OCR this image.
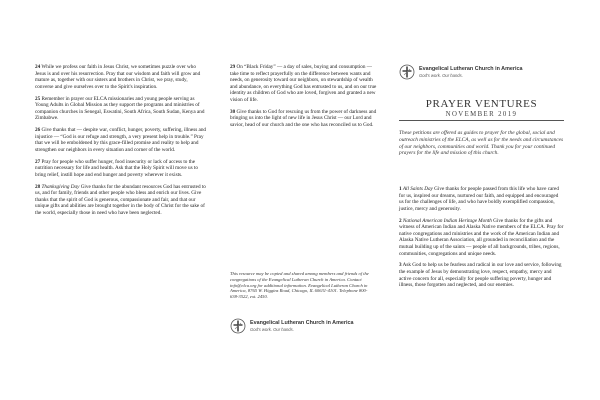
24 While we profess our faith in Jesus Christ, we sometimes puzzle over who Jesus is and over his resurrection. Pray that our wisdom and faith will grow and mature as, together with our sisters and brothers in Christ, we pray, study, converse and give ourselves over to the Spirit's inspiration.

25 Remember in prayer our ELCA missionaries and young people serving as Young Adults in Global Mission as they support the programs and ministries of companion churches in Senegal, Eswatini, South Africa, South Sudan, Kenya and Zimbabwe.

26 Give thanks that — despite war, conflict, hunger, poverty, suffering, illness and injustice — “God is our refuge and strength, a very present help in trouble.” Pray that we will be emboldened by this grace-filled promise and reality to help and strengthen our neighbors in every situation and corner of the world.

27 Pray for people who suffer hunger, food insecurity or lack of access to the nutrition necessary for life and health. Ask that the Holy Spirit will move us to bring relief, instill hope and end hunger and poverty wherever it exists.

28 Thanksgiving Day Give thanks for the abundant resources God has entrusted to us, and for family, friends and other people who bless and enrich our lives. Give thanks that the spirit of God is generous, compassionate and fair, and that our unique gifts and abilities are brought together in the body of Christ for the sake of the world, especially those in need who have been neglected.

29 On “Black Friday” — a day of sales, buying and consumption — take time to reflect prayerfully on the difference between wants and needs, on generosity toward our neighbors, on stewardship of wealth and abundance, on everything God has entrusted to us, and on our true identity as children of God who are loved, forgiven and granted a new vision of life.

30 Give thanks to God for rescuing us from the power of darkness and bringing us into the light of new life in Jesus Christ — our Lord and savior, head of our church and the one who has reconciled us to God.

This resource may be copied and shared among members and friends of the congregations of the Evangelical Lutheran Church in America. Contact info@elca.org for additional information. Evangelical Lutheran Church in America, 8765 W. Higgins Road, Chicago, IL 60631-4101. Telephone 800-638-3522, ext. 2450.
Evangelical Lutheran Church in America
God's work. Our hands.
Evangelical Lutheran Church in America
God's work. Our hands.
PRAYER VENTURES
NOVEMBER 2019
These petitions are offered as guides to prayer for the global, social and outreach ministries of the ELCA, as well as for the needs and circumstances of our neighbors, communities and world. Thank you for your continued prayers for the life and mission of this church.

1 All Saints Day Give thanks for people passed from this life who have cared for us, inspired our dreams, nurtured our faith, and equipped and encouraged us for the challenges of life, and who have boldly exemplified compassion, justice, mercy and generosity.

2 National American Indian Heritage Month Give thanks for the gifts and witness of American Indian and Alaska Native members of the ELCA. Pray for native congregations and ministries and the work of the American Indian and Alaska Native Lutheran Association, all grounded in reconciliation and the mutual building up of the saints — people of all backgrounds, tribes, regions, communities, congregations and unique needs.

3 Ask God to help us be fearless and radical in our love and service, following the example of Jesus by demonstrating love, respect, empathy, mercy and active concern for all, especially for people suffering poverty, hunger and illness, those forgotten and neglected, and our enemies.
